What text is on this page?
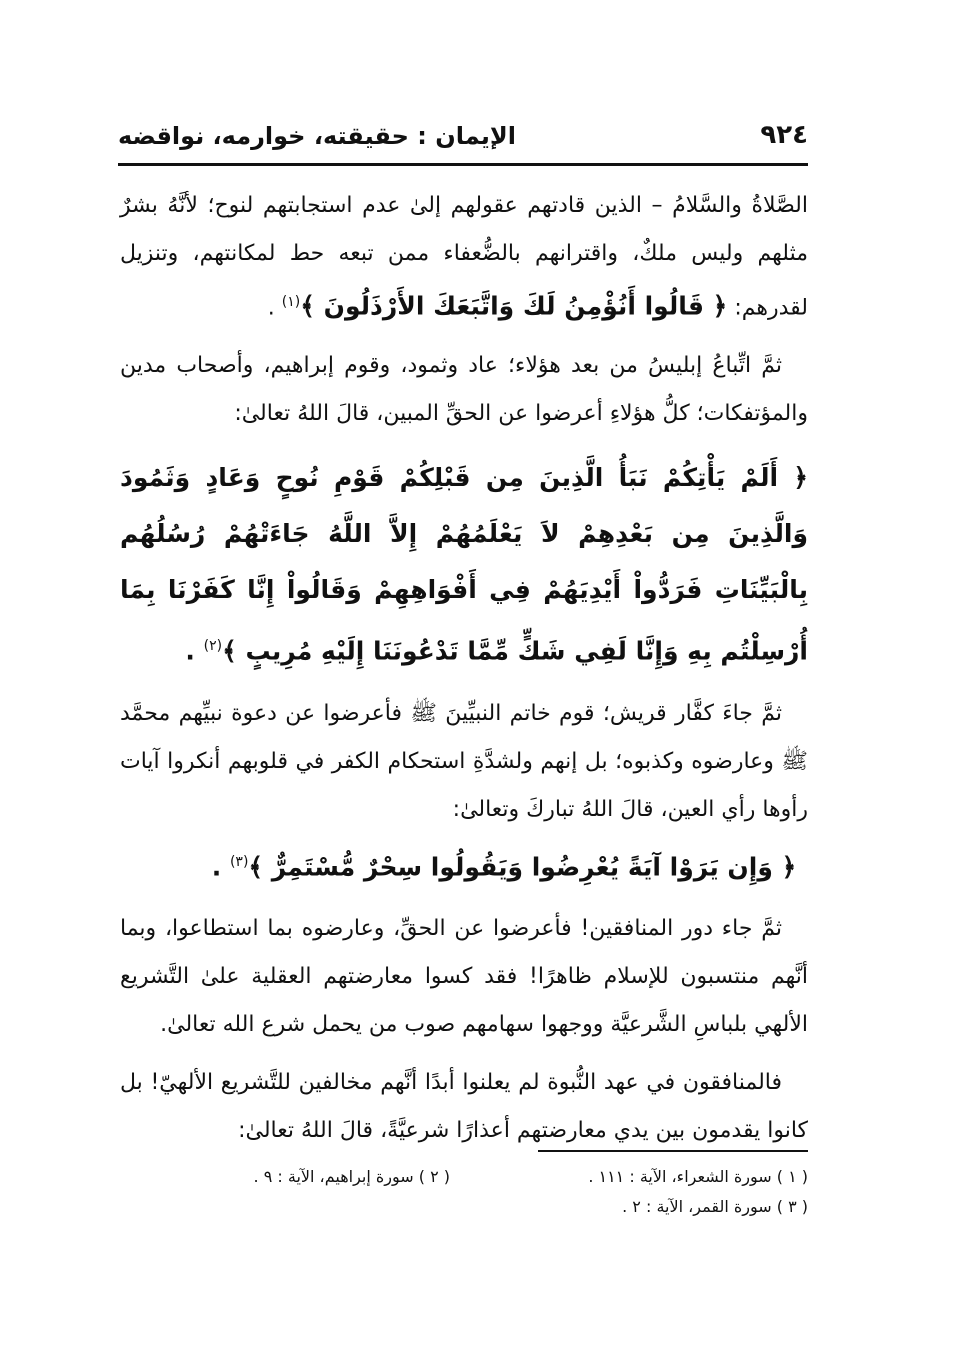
٩٢٤
الإيمان : حقيقته، خوارمه، نواقضه

الصَّلاةُ والسَّلامُ – الذين قادتهم عقولهم إلىٰ عدم استجابتهم لنوح؛ لأنَّهُ بشرٌ مثلهم وليس ملكٌ، واقترانهم بالضُّعفاء ممن تبعه حط لمكانتهم، وتنزيل لقدرهم: ﴿ قَالُوا أَنُؤْمِنُ لَكَ وَاتَّبَعَكَ الأَرْذَلُونَ ﴾$^{(١)}$ .

ثمَّ اتِّباعُ إبليسُ من بعد هؤلاء؛ عاد وثمود، وقوم إبراهيم، وأصحاب مدين والمؤتفكات؛ كلُّ هؤلاءِ أعرضوا عن الحقِّ المبين، قالَ اللهُ تعالىٰ:

﴿ أَلَمْ يَأْتِكُمْ نَبَأُ الَّذِينَ مِن قَبْلِكُمْ قَوْمِ نُوحٍ وَعَادٍ وَثَمُودَ وَالَّذِينَ مِن بَعْدِهِمْ لاَ يَعْلَمُهُمْ إِلاَّ اللَّهُ جَاءَتْهُمْ رُسُلُهُم بِالْبَيِّنَاتِ فَرَدُّواْ أَيْدِيَهُمْ فِي أَفْوَاهِهِمْ وَقَالُواْ إِنَّا كَفَرْنَا بِمَا أُرْسِلْتُم بِهِ وَإِنَّا لَفِي شَكٍّ مِّمَّا تَدْعُونَنَا إِلَيْهِ مُرِيبٍ ﴾$^{(٢)}$ .

ثمَّ جاءَ كفَّار قريش؛ قوم خاتم النبيِّينَ ﷺ فأعرضوا عن دعوة نبيِّهم محمَّد ﷺ وعارضوه وكذبوه؛ بل إنهم ولشدَّةِ استحكام الكفر في قلوبهم أنكروا آيات رأوها رأي العين، قالَ اللهُ تباركَ وتعالىٰ:

﴿ وَإِن يَرَوْا آيَةً يُعْرِضُوا وَيَقُولُوا سِحْرٌ مُّسْتَمِرٌّ ﴾$^{(٣)}$ .

ثمَّ جاء دور المنافقين! فأعرضوا عن الحقِّ، وعارضوه بما استطاعوا، وبما أنَّهم منتسبون للإسلام ظاهرًا! فقد كسوا معارضتهم العقلية علىٰ التَّشريع الألهي بلباسِ الشَّرعيَّة ووجهوا سهامهم صوب من يحمل شرع الله تعالىٰ.

فالمنافقون في عهد النُّبوة لم يعلنوا أبدًا أنَّهم مخالفين للتَّشريع الألهيّ! بل كانوا يقدمون بين يدي معارضتهم أعذارًا شرعيَّةً، قالَ اللهُ تعالىٰ:

( ١ ) سورة الشعراء، الآية : ١١١ .
( ٢ ) سورة إبراهيم، الآية : ٩ .
( ٣ ) سورة القمر، الآية : ٢ .
